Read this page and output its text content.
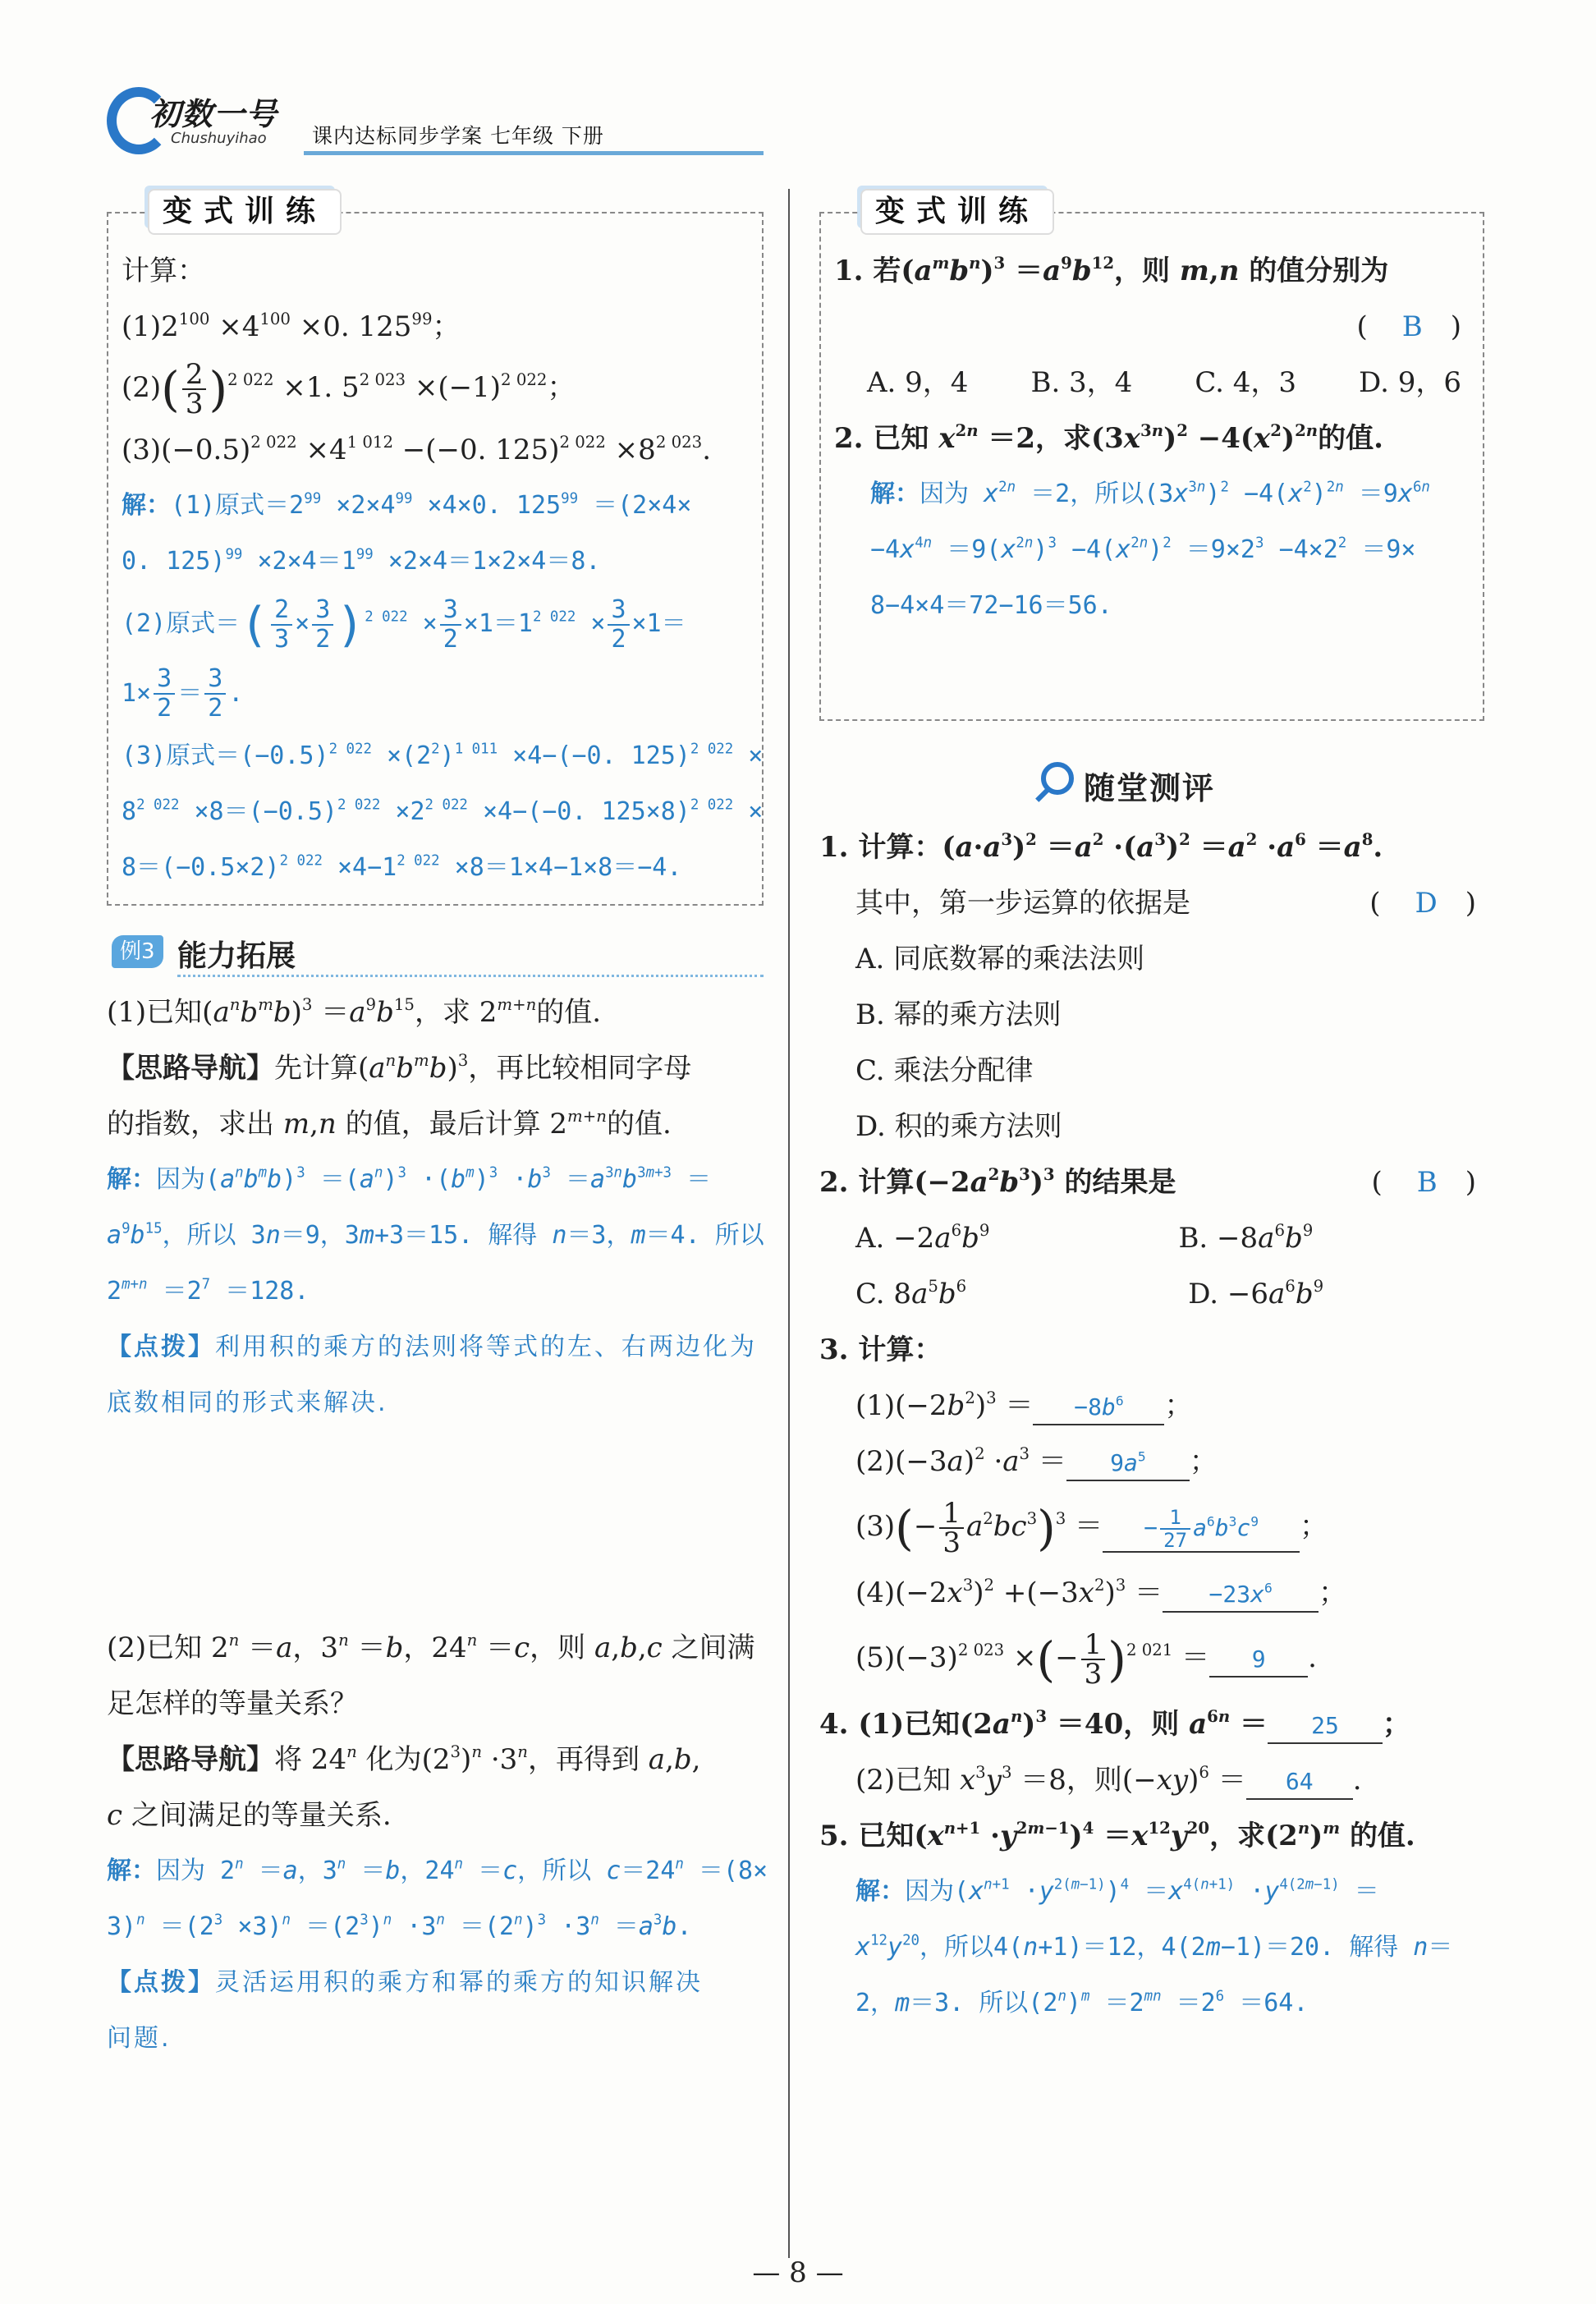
初数一号
Chushuyihao 课内达标同步学案 七年级 下册
变式训练
计算：
$(1)2^{100} \times 4^{100} \times 0$. $125^{99}$；
$(2)( \frac{2}{3} )^{2 022} \times 1$. $5^{2 023} \times(-1)^{2 022}$；
$(3)(-0.5)^{2 022} \times 4^{1 012} -(-0$. $125)^{2 022} \times 8^{2 023}$.
解：(1)原式$=2^{99} \times 2\times 4^{99} \times 4\times 0$. $125^{99} =(2\times 4\times$
0. $125)^{99} \times 2\times 4=1^{99} \times 2\times 4=1\times 2\times 4=8$.
(2)原式＝( $\frac{2}{3} \times \frac{3}{2} )^{2 022} \times \frac{3}{2} \times 1=1^{2 022} \times \frac{3}{2} \times 1=$
$1\times \frac{3}{2} = \frac{3}{2}$ .
(3)原式$=(-0.5)^{2 022} \times(2^2)^{1 011} \times 4-(-0$. 125)$^{2 022}$ ×
$8^{2 022} \times 8=(-0.5)^{2 022} \times 2^{2 022} \times 4-(-0$. 125×8)$^{2 022}$ ×
$8=(-0.5\times 2)^{2 022} \times 4-1^{2 022} \times 8=1\times 4-1\times 8=-4$.
例3 能力拓展
(1)已知$(a^nb^mb)^3 =a^9b^{15}$，求 $2^{m+n}$的值.
【思路导航】先计算$(a^nb^mb)^3$，再比较相同字母
的指数，求出 m,n 的值，最后计算 $2^{m+n}$的值.
解：因为$(a^nb^mb)^3 =(a^n)^3 \cdot(b^m)^3 \cdot b^3 =a^{3n}b^{3m+3}$ ＝
$a^9b^{15}$，所以 3n＝9，3m+3＝15. 解得 n＝3，m＝4. 所以
$2^{m+n} =2^7 =128$.
【点拨】利用积的乘方的法则将等式的左、右两边化为
底数相同的形式来解决.
(2)已知 $2^n =a$，$3^n =b$，$24^n =c$，则 a,b,c 之间满
足怎样的等量关系？
【思路导航】将 24$^n$ 化为$(2^3)^n \cdot 3^n$，再得到 a,b,
c 之间满足的等量关系.
解：因为 $2^n =a$，$3^n =b$，$24^n =c$，所以 $c=24^n =(8\times$
$3)^n =(2^3 \times 3)^n =(2^3)^n \cdot 3^n =(2^n)^3 \cdot 3^n =a^3b$.
【点拨】灵活运用积的乘方和幂的乘方的知识解决
问题.
变式训练
1. 若$(a^mb^n)^3 =a^9b^{12}$，则 m,n 的值分别为
(　B　)
A. 9，4 B. 3，4 C. 4，3 D. 9，6
2. 已知 $x^{2n} =2$，求$(3x^{3n})^2 -4(x^2)^{2n}$的值.
解：因为 $x^{2n} =2$，所以$(3x^{3n})^2 -4(x^2)^{2n} =9x^{6n}$
$-4x^{4n} =9(x^{2n})^3 -4(x^{2n})^2 =9\times 2^3 -4\times 2^2 =9\times$
8−4×4＝72−16＝56.
随堂测评
1. 计算：$(a\cdot a^3)^2 =a^2 \cdot(a^3)^2 =a^2 \cdot a^6 =a^8$.
其中，第一步运算的依据是	(　D　)
A. 同底数幂的乘法法则
B. 幂的乘方法则
C. 乘法分配律
D. 积的乘方法则
2. 计算$(-2a^2b^3)^3$ 的结果是	(　B　)
A. $-2a^6b^9$	B. $-8a^6b^9$
C. $8a^5b^6$	D. $-6a^6b^9$
3. 计算：
$(1)(-2b^2)^3 = -8b^6$ ；
$(2)(-3a)^2 \cdot a^3 = 9a^5$ ；
$(3)(- \frac{1}{3} a^2bc^3)^3$ ＝ − $\frac{1}{27} a^6b^3c^9$ ；
$(4)(-2x^3)^2 +(-3x^2)^3 = -23x^6$ ；
$(5)(-3)^{2 023}$ ×(− $\frac{1}{3} )^{2 021} = 9$ .
4. (1)已知$(2a^n)^3 =40$，则 $a^{6n} = 25$ ；
(2)已知 $x^3y^3 =8$，则$(-xy)^6 = 64$ .
5. 已知$(x^{n+1} \cdot y^{2m-1})^4 =x^{12}y^{20}$，求$(2^n)^m$ 的值.
解：因为$(x^{n+1} \cdot y^{2(m-1)})^4 =x^{4(n+1)} \cdot y^{4(2m-1)}$ ＝
$x^{12}y^{20}$，所以4(n+1)＝12，4(2m−1)＝20. 解得 n＝
2，m＝3. 所以$(2^n)^m =2^{mn} =2^6 =64$.
— 8 —
